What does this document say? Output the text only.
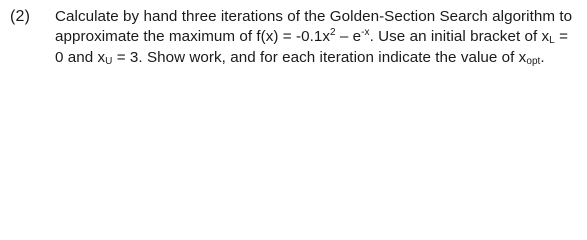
(2) Calculate by hand three iterations of the Golden-Section Search algorithm to
approximate the maximum of $f(x) = -0.1x^2 - e^{-x}$. Use an initial bracket of $x_L$ =
0 and $x_U = 3$. Show work, and for each iteration indicate the value of $x_{opt}$.
